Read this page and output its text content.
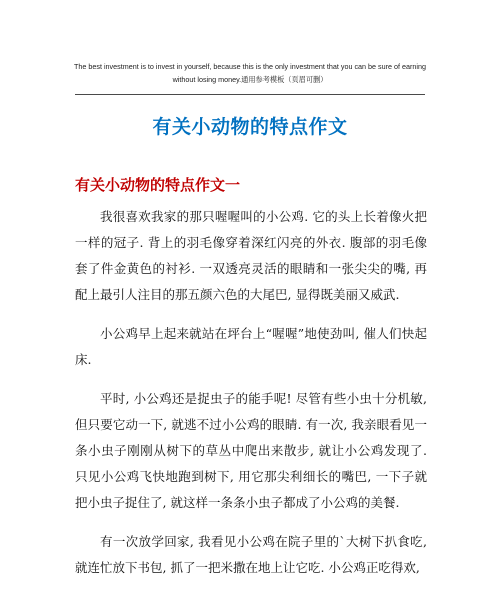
The best investment is to invest in yourself, because this is the only investment that you can be sure of earning
without losing money.通用参考模板（页眉可删）
有关小动物的特点作文
有关小动物的特点作文一

我很喜欢我家的那只喔喔叫的小公鸡. 它的头上长着像火把一样的冠子. 背上的羽毛像穿着深红闪亮的外衣. 腹部的羽毛像套了件金黄色的衬衫. 一双透亮灵活的眼睛和一张尖尖的嘴, 再配上最引人注目的那五颜六色的大尾巴, 显得既美丽又威武.

小公鸡早上起来就站在坪台上“喔喔”地使劲叫, 催人们快起床.

平时, 小公鸡还是捉虫子的能手呢! 尽管有些小虫十分机敏, 但只要它动一下, 就逃不过小公鸡的眼睛. 有一次, 我亲眼看见一条小虫子刚刚从树下的草丛中爬出来散步, 就让小公鸡发现了. 只见小公鸡飞快地跑到树下, 用它那尖利细长的嘴巴, 一下子就把小虫子捉住了, 就这样一条条小虫子都成了小公鸡的美餐.

有一次放学回家, 我看见小公鸡在院子里的`大树下扒食吃, 就连忙放下书包, 抓了一把米撒在地上让它吃. 小公鸡正吃得欢,
